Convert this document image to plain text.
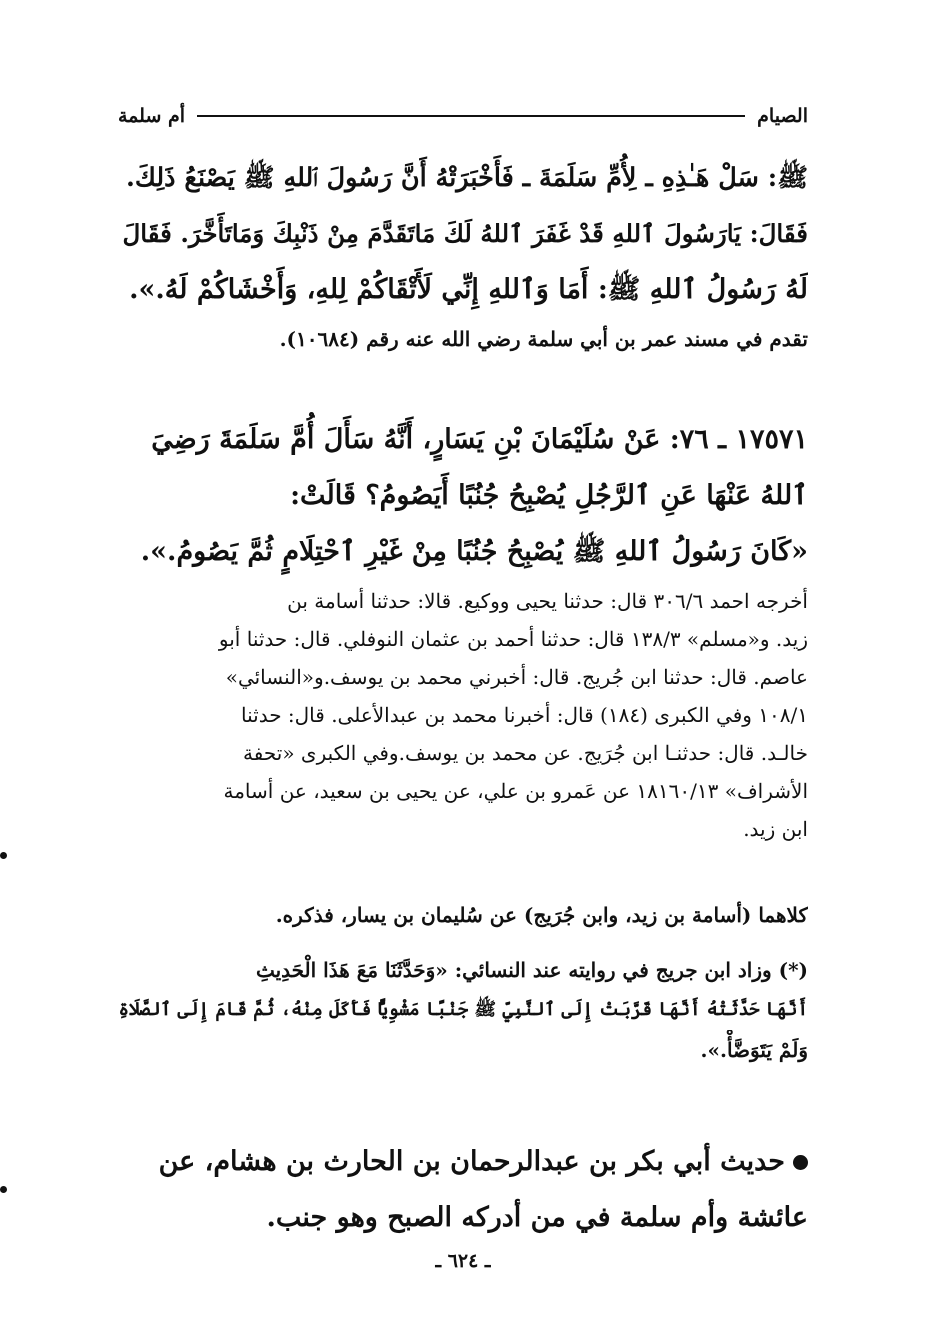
الصيام
أم سلمة
ﷺ: سَلْ هَـٰذِهِ ـ لِأُمِّ سَلَمَةَ ـ فَأَخْبَرَتْهُ أَنَّ رَسُولَ ٱللهِ ﷺ يَصْنَعُ ذَلِكَ.
فَقَالَ: يَارَسُولَ ٱللهِ قَدْ غَفَرَ ٱللهُ لَكَ مَاتَقَدَّمَ مِنْ ذَنْبِكَ وَمَاتَأَخَّرَ. فَقَالَ
لَهُ رَسُولُ ٱللهِ ﷺ: أَمَا وَٱللهِ إِنِّي لَأَتْقَاكُمْ لِلهِ، وَأَخْشَاكُمْ لَهُ.».
تقدم في مسند عمر بن أبي سلمة رضي الله عنه رقم (١٠٦٨٤).
١٧٥٧١ ـ ٧٦: عَنْ سُلَيْمَانَ بْنِ يَسَارٍ، أَنَّهُ سَأَلَ أُمَّ سَلَمَةَ رَضِيَ
ٱللهُ عَنْهَا عَنِ ٱلرَّجُلِ يُصْبِحُ جُنُبًا أَيَصُومُ؟ قَالَتْ:
«كَانَ رَسُولُ ٱللهِ ﷺ يُصْبِحُ جُنُبًا مِنْ غَيْرِ ٱحْتِلَامٍ ثُمَّ يَصُومُ.».
أخرجه احمد ٣٠٦/٦ قال: حدثنا يحيى ووكيع. قالا: حدثنا أسامة بن
زيد. و«مسلم» ١٣٨/٣ قال: حدثنا أحمد بن عثمان النوفلي. قال: حدثنا أبو
عاصم. قال: حدثنا ابن جُريج. قال: أخبرني محمد بن يوسف.و«النسائي»
١٠٨/١ وفي الكبرى (١٨٤) قال: أخبرنا محمد بن عبدالأعلى. قال: حدثنا
خالـد. قال: حدثنـا ابن جُرَيج. عن محمد بن يوسف.وفي الكبرى «تحفة
الأشراف» ١٨١٦٠/١٣ عن عَمرو بن علي، عن يحيى بن سعيد، عن أسامة
ابن زيد.
كلاهما (أسامة بن زيد، وابن جُرَيج) عن سُليمان بن يسار، فذكره.
(*) وزاد ابن جريج في روايته عند النسائي: «وَحَدَّثَنَا مَعَ هَذَا الْحَدِيثِ
أَنَّهَا حَدَّثَتْهُ أَنَّهَا قَرَّبَتْ إِلَى ٱلنَّبِيِّ ﷺ جَنْبًا مَشْوِيًّا فَأَكَلَ مِنْهُ، ثُمَّ قَامَ إِلَى ٱلصَّلَاةِ
وَلَمْ يَتَوَضَّأْ.».
حديث أبي بكر بن عبدالرحمان بن الحارث بن هشام، عن
عائشة وأم سلمة في من أدركه الصبح وهو جنب.
ـ ٦٢٤ ـ
